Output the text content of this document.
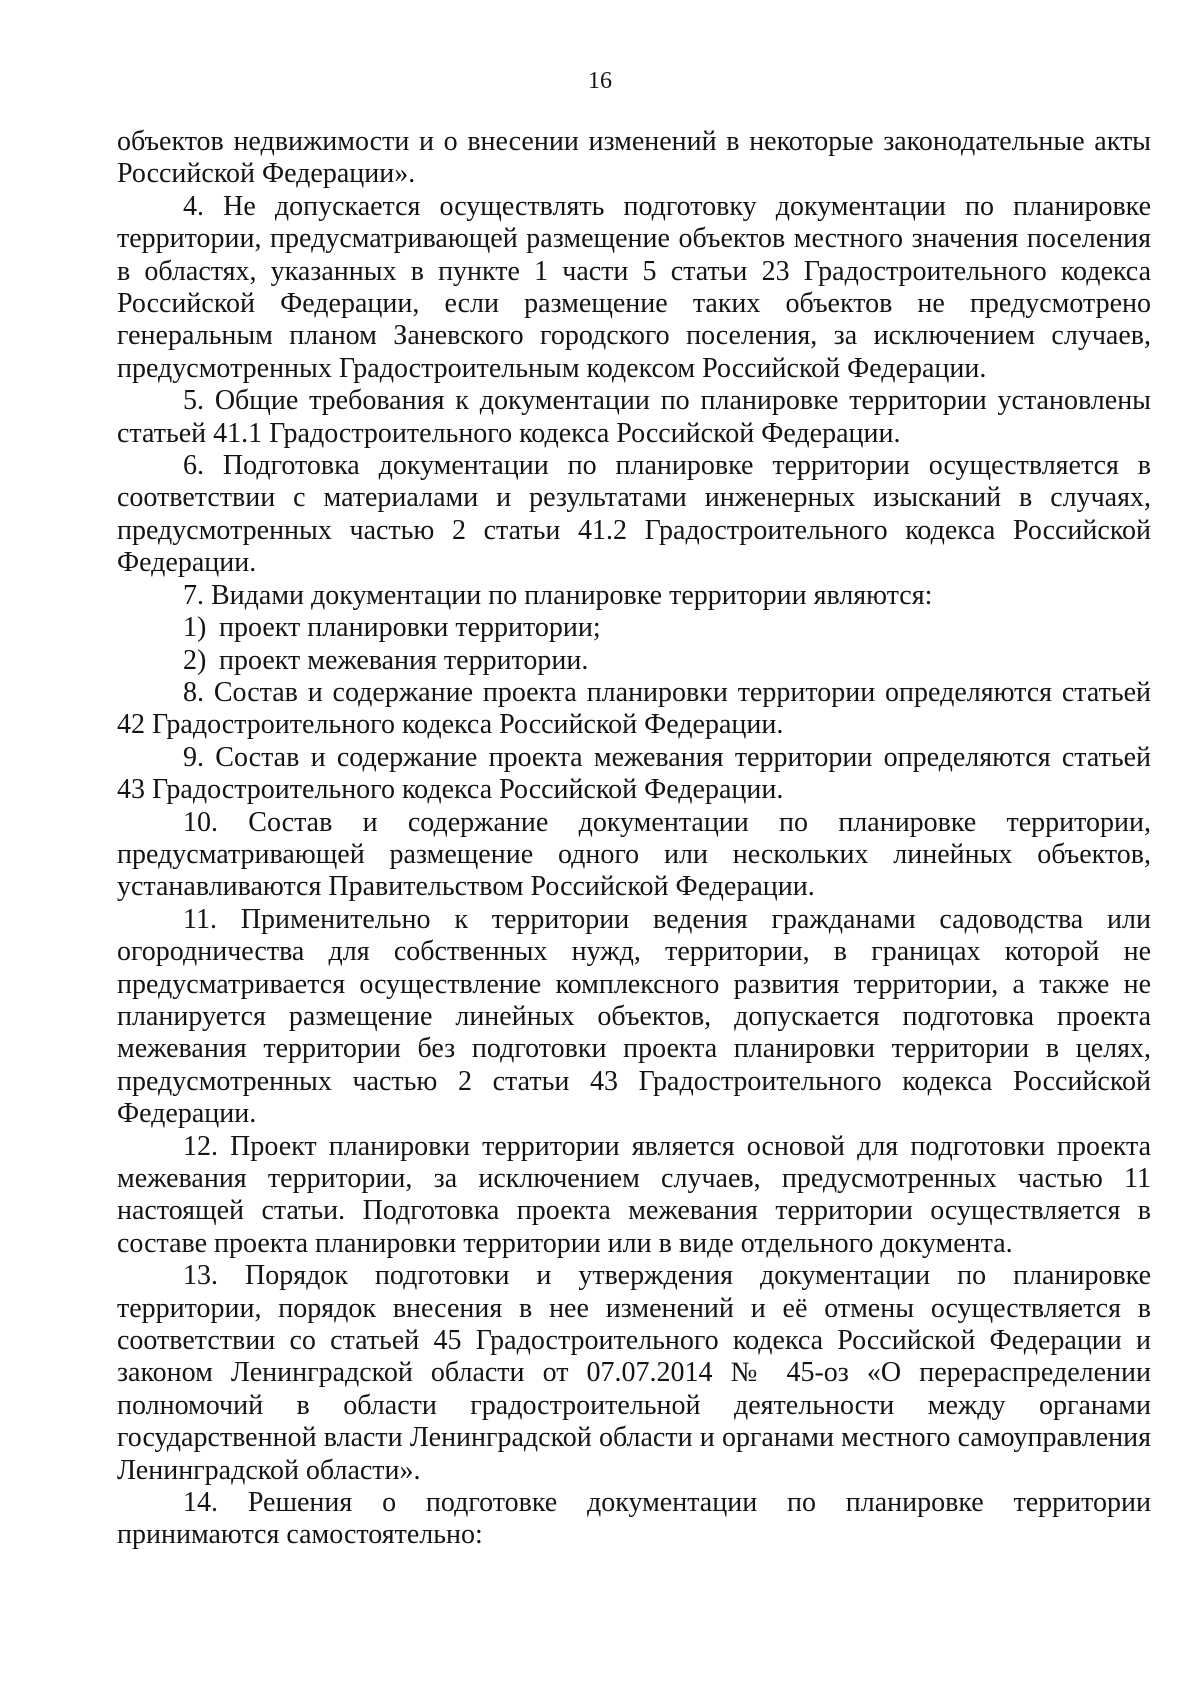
16

объектов недвижимости и о внесении изменений в некоторые законодательные акты Российской Федерации».

4. Не допускается осуществлять подготовку документации по планировке территории, предусматривающей размещение объектов местного значения поселения в областях, указанных в пункте 1 части 5 статьи 23 Градостроительного кодекса Российской Федерации, если размещение таких объектов не предусмотрено генеральным планом Заневского городского поселения, за исключением случаев, предусмотренных Градостроительным кодексом Российской Федерации.

5. Общие требования к документации по планировке территории установлены статьей 41.1 Градостроительного кодекса Российской Федерации.

6. Подготовка документации по планировке территории осуществляется в соответствии с материалами и результатами инженерных изысканий в случаях, предусмотренных частью 2 статьи 41.2 Градостроительного кодекса Российской Федерации.

7. Видами документации по планировке территории являются:

1) проект планировки территории;

2) проект межевания территории.

8. Состав и содержание проекта планировки территории определяются статьей 42 Градостроительного кодекса Российской Федерации.

9. Состав и содержание проекта межевания территории определяются статьей 43 Градостроительного кодекса Российской Федерации.

10. Состав и содержание документации по планировке территории, предусматривающей размещение одного или нескольких линейных объектов, устанавливаются Правительством Российской Федерации.

11. Применительно к территории ведения гражданами садоводства или огородничества для собственных нужд, территории, в границах которой не предусматривается осуществление комплексного развития территории, а также не планируется размещение линейных объектов, допускается подготовка проекта межевания территории без подготовки проекта планировки территории в целях, предусмотренных частью 2 статьи 43 Градостроительного кодекса Российской Федерации.

12. Проект планировки территории является основой для подготовки проекта межевания территории, за исключением случаев, предусмотренных частью 11 настоящей статьи. Подготовка проекта межевания территории осуществляется в составе проекта планировки территории или в виде отдельного документа.

13. Порядок подготовки и утверждения документации по планировке территории, порядок внесения в нее изменений и её отмены осуществляется в соответствии со статьей 45 Градостроительного кодекса Российской Федерации и законом Ленинградской области от 07.07.2014 № 45-оз «О перераспределении полномочий в области градостроительной деятельности между органами государственной власти Ленинградской области и органами местного самоуправления Ленинградской области».

14. Решения о подготовке документации по планировке территории принимаются самостоятельно:
